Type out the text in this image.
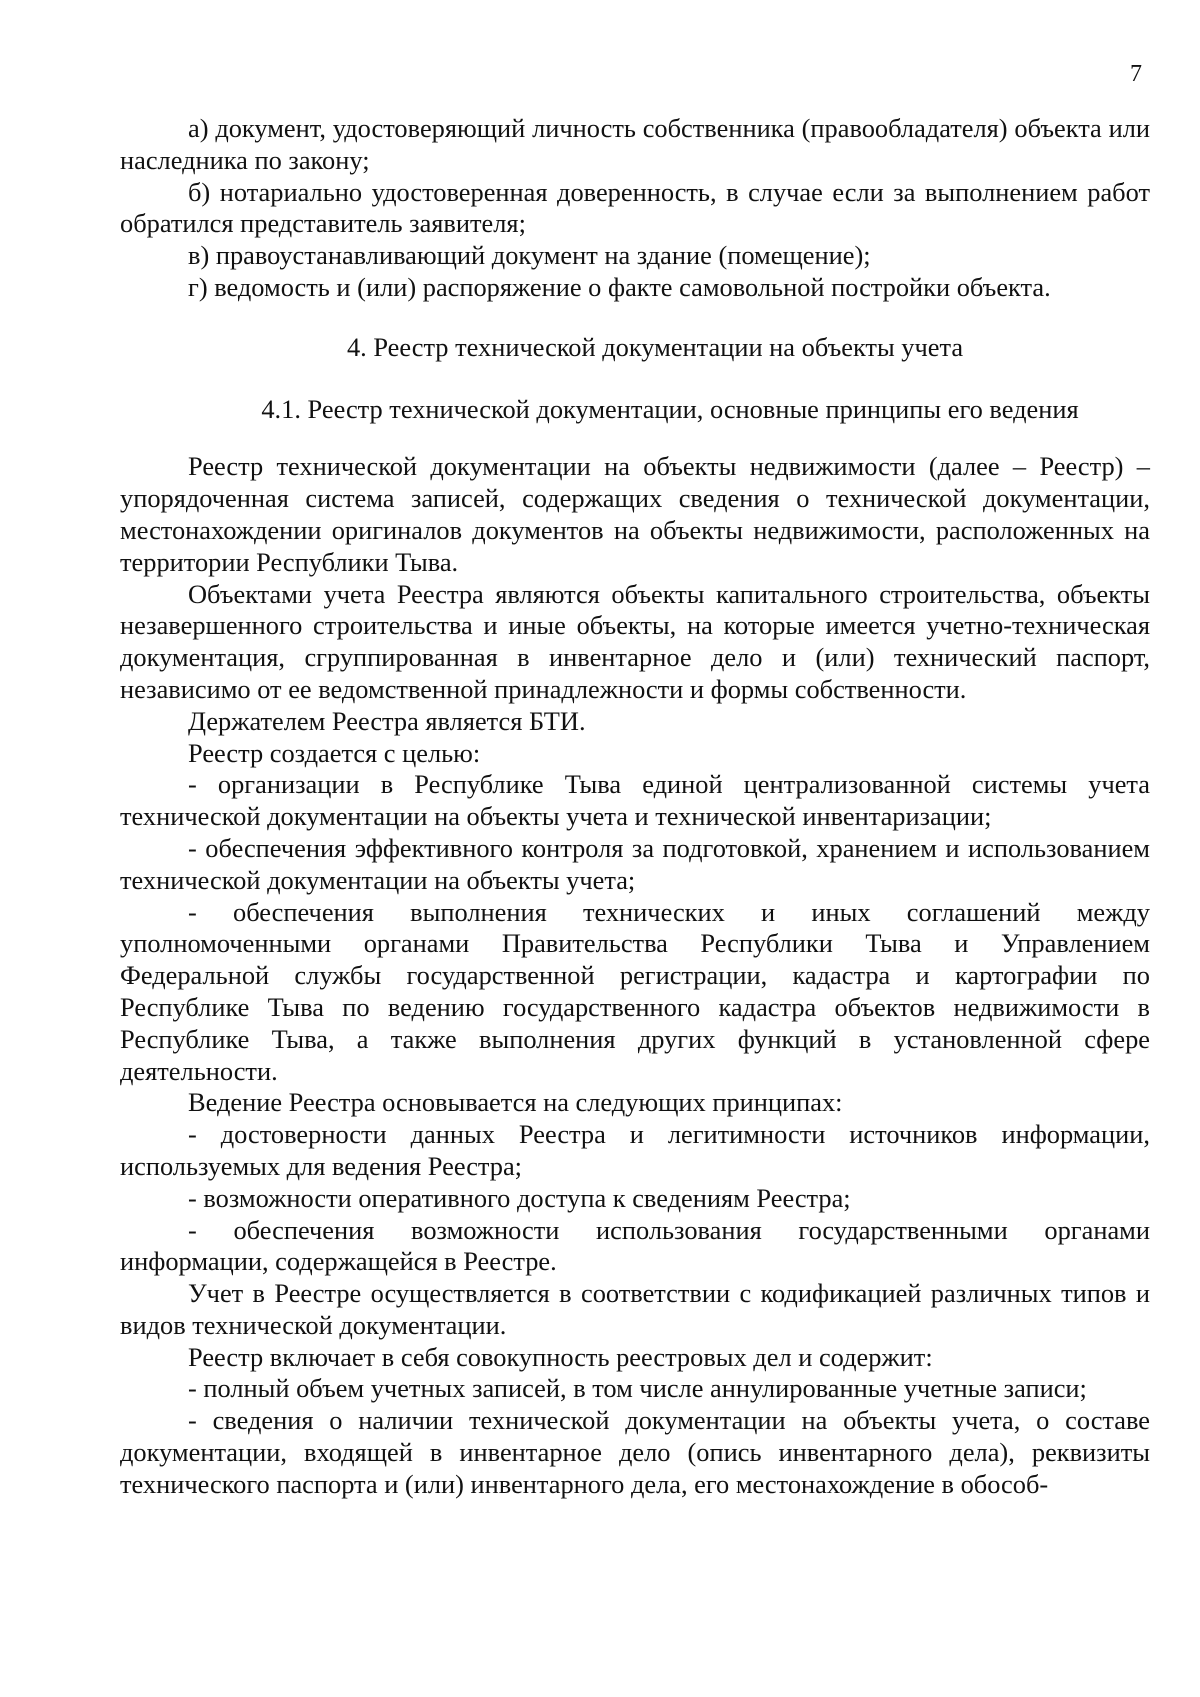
7

а) документ, удостоверяющий личность собственника (правообладателя) объекта или наследника по закону;

б) нотариально удостоверенная доверенность, в случае если за выполнением работ обратился представитель заявителя;

в) правоустанавливающий документ на здание (помещение);

г) ведомость и (или) распоряжение о факте самовольной постройки объекта.

4. Реестр технической документации на объекты учета

4.1. Реестр технической документации, основные принципы его ведения

Реестр технической документации на объекты недвижимости (далее – Реестр) – упорядоченная система записей, содержащих сведения о технической документации, местонахождении оригиналов документов на объекты недвижимости, расположенных на территории Республики Тыва.

Объектами учета Реестра являются объекты капитального строительства, объекты незавершенного строительства и иные объекты, на которые имеется учетно-техническая документация, сгруппированная в инвентарное дело и (или) технический паспорт, независимо от ее ведомственной принадлежности и формы собственности.

Держателем Реестра является БТИ.

Реестр создается с целью:

- организации в Республике Тыва единой централизованной системы учета технической документации на объекты учета и технической инвентаризации;

- обеспечения эффективного контроля за подготовкой, хранением и использованием технической документации на объекты учета;

- обеспечения выполнения технических и иных соглашений между уполномоченными органами Правительства Республики Тыва и Управлением Федеральной службы государственной регистрации, кадастра и картографии по Республике Тыва по ведению государственного кадастра объектов недвижимости в Республике Тыва, а также выполнения других функций в установленной сфере деятельности.

Ведение Реестра основывается на следующих принципах:

- достоверности данных Реестра и легитимности источников информации, используемых для ведения Реестра;

- возможности оперативного доступа к сведениям Реестра;

- обеспечения возможности использования государственными органами информации, содержащейся в Реестре.

Учет в Реестре осуществляется в соответствии с кодификацией различных типов и видов технической документации.

Реестр включает в себя совокупность реестровых дел и содержит:

- полный объем учетных записей, в том числе аннулированные учетные записи;

- сведения о наличии технической документации на объекты учета, о составе документации, входящей в инвентарное дело (опись инвентарного дела), реквизиты технического паспорта и (или) инвентарного дела, его местонахождение в обособ-
